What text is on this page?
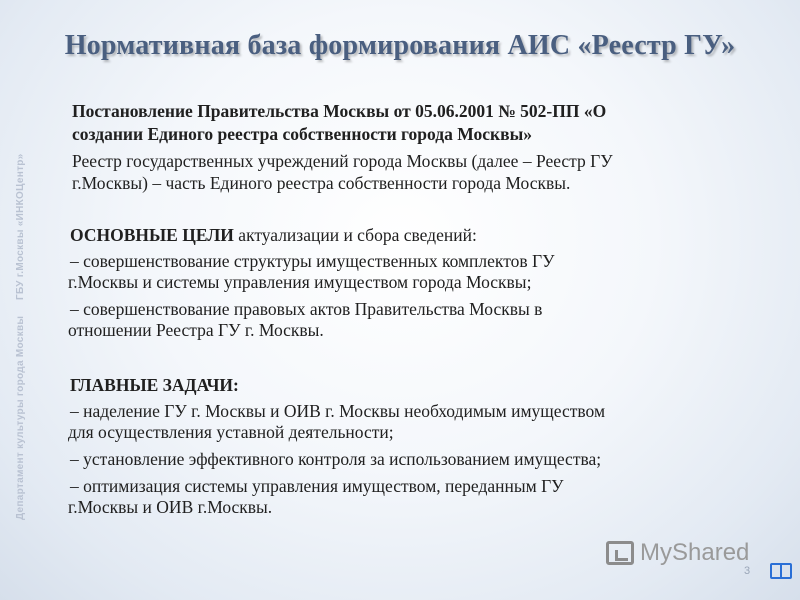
Нормативная база формирования АИС «Реестр ГУ»
Департамент культуры города Москвы
ГБУ г.Москвы «ИНКОЦентр»
Постановление Правительства Москвы от 05.06.2001 № 502-ПП «О
создании Единого реестра собственности города Москвы»
Реестр государственных учреждений города Москвы (далее – Реестр ГУ
г.Москвы) – часть Единого реестра собственности города Москвы.
ОСНОВНЫЕ ЦЕЛИ актуализации и сбора сведений:
– совершенствование структуры имущественных комплектов ГУ
г.Москвы и системы управления имуществом города Москвы;
– совершенствование правовых актов Правительства Москвы в
отношении Реестра ГУ г. Москвы.
ГЛАВНЫЕ ЗАДАЧИ:
– наделение ГУ г. Москвы и ОИВ г. Москвы необходимым имуществом
для осуществления уставной деятельности;
– установление эффективного контроля за использованием имущества;
– оптимизация системы управления имуществом, переданным ГУ
г.Москвы и ОИВ г.Москвы.
MyShared
3
